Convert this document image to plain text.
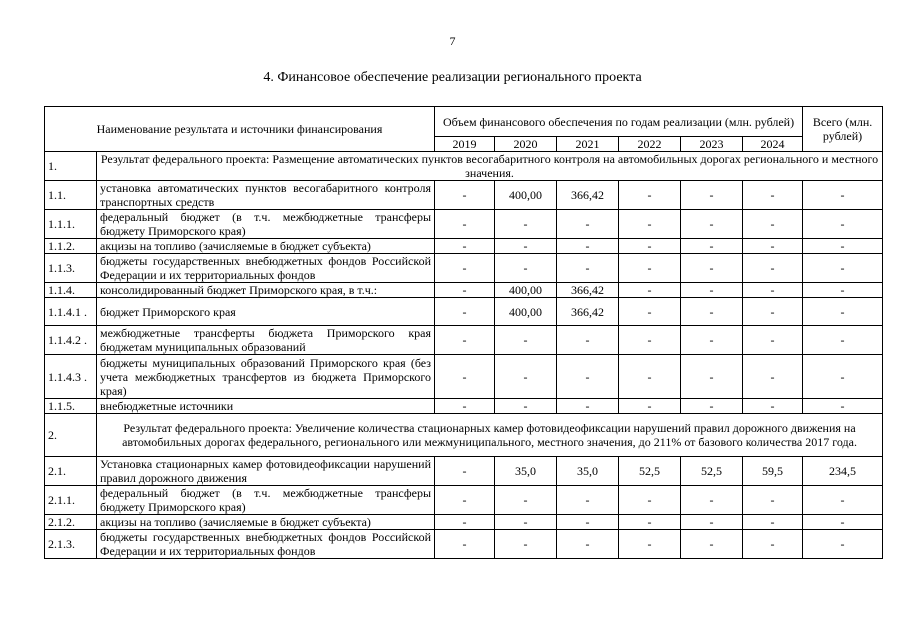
7
4. Финансовое обеспечение реализации регионального проекта
Наименование результата и источники финансирования		Объем финансового обеспечения по годам реализации (млн. рублей)						Всего (млн. рублей)
		2019	2020	2021	2022	2023	2024	
1.	Результат федерального проекта: Размещение автоматических пунктов весогабаритного контроля на автомобильных дорогах регионального и местного значения.							
1.1.	установка автоматических пунктов весогабаритного контроля транспортных средств	-	400,00	366,42	-	-	-	-
1.1.1.	федеральный бюджет (в т.ч. межбюджетные трансферы бюджету Приморского края)	-	-	-	-	-	-	-
1.1.2.	акцизы на топливо (зачисляемые в бюджет субъекта)	-	-	-	-	-	-	-
1.1.3.	бюджеты государственных внебюджетных фондов Российской Федерации и их территориальных фондов	-	-	-	-	-	-	-
1.1.4.	консолидированный бюджет Приморского края, в т.ч.:	-	400,00	366,42	-	-	-	-
1.1.4.1 .	бюджет Приморского края	-	400,00	366,42	-	-	-	-
1.1.4.2 .	межбюджетные трансферты бюджета Приморского края бюджетам муниципальных образований	-	-	-	-	-	-	-
1.1.4.3 .	бюджеты муниципальных образований Приморского края (без учета межбюджетных трансфертов из бюджета Приморского края)	-	-	-	-	-	-	-
1.1.5.	внебюджетные источники	-	-	-	-	-	-	-
2.	Результат федерального проекта: Увеличение количества стационарных камер фотовидеофиксации нарушений правил дорожного движения на автомобильных дорогах федерального, регионального или межмуниципального, местного значения, до 211% от базового количества 2017 года.							
2.1.	Установка стационарных камер фотовидеофиксации нарушений правил дорожного движения	-	35,0	35,0	52,5	52,5	59,5	234,5
2.1.1.	федеральный бюджет (в т.ч. межбюджетные трансферы бюджету Приморского края)	-	-	-	-	-	-	-
2.1.2.	акцизы на топливо (зачисляемые в бюджет субъекта)	-	-	-	-	-	-	-
2.1.3.	бюджеты государственных внебюджетных фондов Российской Федерации и их территориальных фондов	-	-	-	-	-	-	-
